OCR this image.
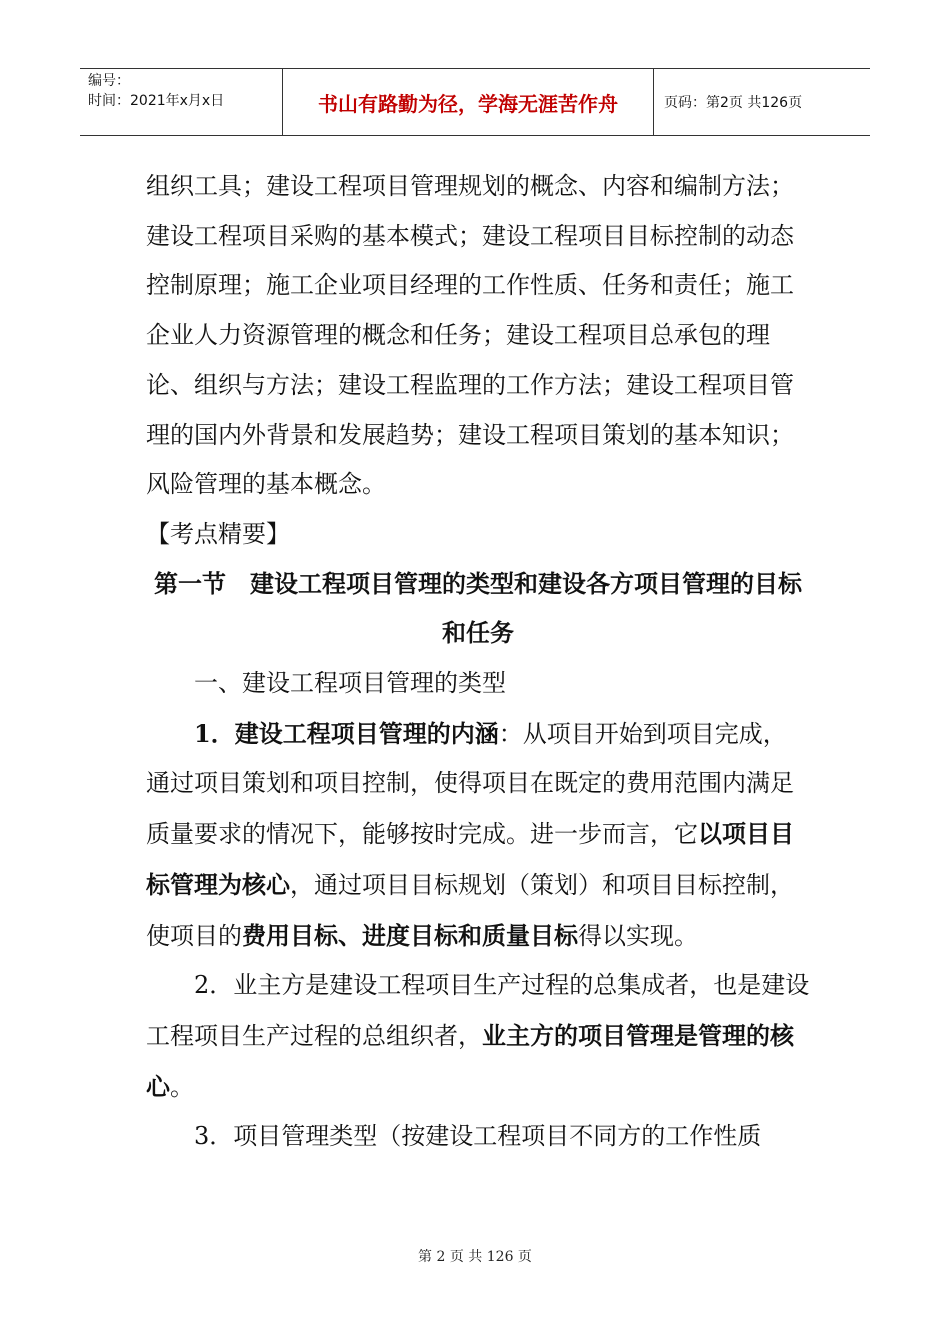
编号：
时间：2021年x月x日	书山有路勤为径，学海无涯苦作舟	页码：第2页 共126页

组织工具；建设工程项目管理规划的概念、内容和编制方法；建设工程项目采购的基本模式；建设工程项目目标控制的动态控制原理；施工企业项目经理的工作性质、任务和责任；施工企业人力资源管理的概念和任务；建设工程项目总承包的理论、组织与方法；建设工程监理的工作方法；建设工程项目管理的国内外背景和发展趋势；建设工程项目策划的基本知识；风险管理的基本概念。

【考点精要】

第一节　建设工程项目管理的类型和建设各方项目管理的目标和任务

一、建设工程项目管理的类型

1．建设工程项目管理的内涵：从项目开始到项目完成，通过项目策划和项目控制，使得项目在既定的费用范围内满足质量要求的情况下，能够按时完成。进一步而言，它以项目目标管理为核心，通过项目目标规划（策划）和项目目标控制，使项目的费用目标、进度目标和质量目标得以实现。

2．业主方是建设工程项目生产过程的总集成者，也是建设工程项目生产过程的总组织者，业主方的项目管理是管理的核心。

3．项目管理类型（按建设工程项目不同方的工作性质

第 2 页 共 126 页
